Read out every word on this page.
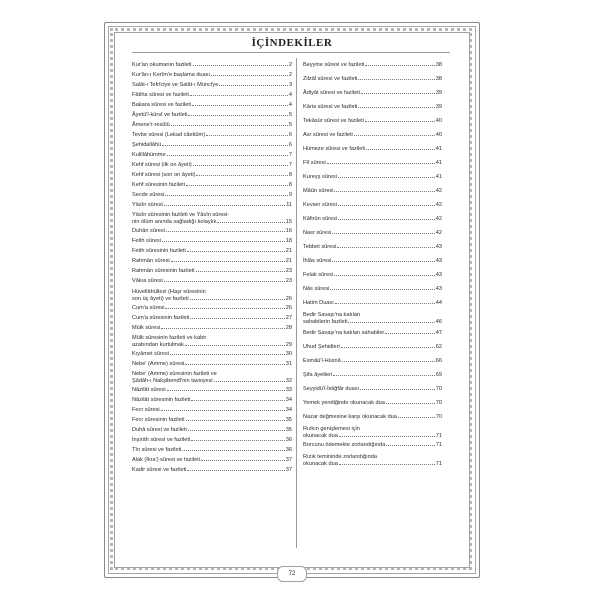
İÇİNDEKİLER
Kur'an okumanın fazileti	2
Kur'ân-ı Kerîm'e başlama duası	2
Salât-ı Tefrîciye ve Salât-ı Müncîye	3
Fâtiha sûresi ve fazileti	4
Bakara sûresi ve fazileti	4
Âyetü'l-kürsî ve fazileti	5
Âmene'r-resûlü	5
Tevbe sûresi (Lekad câekûm)	6
Şehidallâhü	6
Kulillâhümme	7
Kehf sûresi (ilk on âyeti)	7
Kehf sûresi (son on âyeti)	8
Kehf sûresinin fazileti	8
Secde sûresi	9
Yâsîn sûresi	11
Yâsîn sûresinin fazileti ve Yâsîn sûresi-
nin ölüm anında sağladığı kolaylık	15
Duhân sûresi	16
Fetih sûresi	18
Fetih sûresinin fazileti	21
Rahmân sûresi	21
Rahmân sûresinin fazileti	23
Vâkıa sûresi	23
Hüvellâhüllezi (Haşr sûresinin
son üç âyeti) ve fazileti	26
Cum'a sûresi	26
Cum'a sûresinin fazileti	27
Mülk sûresi	28
Mülk sûresinin fazileti ve kabir
azabından kurtulmak	29
Kıyâmet sûresi	30
Nebe' (Amme) sûresi	31
Nebe' (Amme) sûresinin fazileti ve
Şâdâh-ı Nakşibendî'nin tavsiyesi	32
Nâzilât sûresi	33
Nâzilât sûresinin fazileti	34
Fecr sûresi	34
Fecr sûresinin fazileti	35
Duhâ sûresi ve fazileti	35
İnşirâh sûresi ve fazileti	36
Tîn sûresi ve fazileti	36
Alak (İkra') sûresi ve fazileti	37
Kadir sûresi ve fazileti	37
Beyyine sûresi ve fazileti	38
Zilzâl sûresi ve fazileti	38
Âdiyât sûresi ve fazileti	39
Kâria sûresi ve fazileti	39
Tekâsür sûresi ve fazileti	40
Asr sûresi ve fazileti	40
Hümeze sûresi ve fazileti	41
Fîl sûresi	41
Kureyş sûresi	41
Mâûn sûresi	42
Kevser sûresi	42
Kâfirûn sûresi	42
Nasr sûresi	42
Tebbet sûresi	43
İhlâs sûresi	43
Felak sûresi	43
Nâs sûresi	43
Hatim Duası	44
Bedir Savaşı'na katılan
sahabilerin fazileti	46
Bedir Savaşı'na katılan sahabiler	47
Uhud Şehidleri	62
Esmâü'l-Hüsnâ	66
Şifa âyetleri	69
Seyyidü'l-İstiğfâr duası	70
Yemek yendiğinde okunacak dua	70
Nazar değmesine karşı okunacak dua	70
Rızkın genişlemesi için
okunacak dua	71
Borcunu ödemekte zorlandığında	71
Rızık temininde zorlandığında
okunacak dua	71
72
